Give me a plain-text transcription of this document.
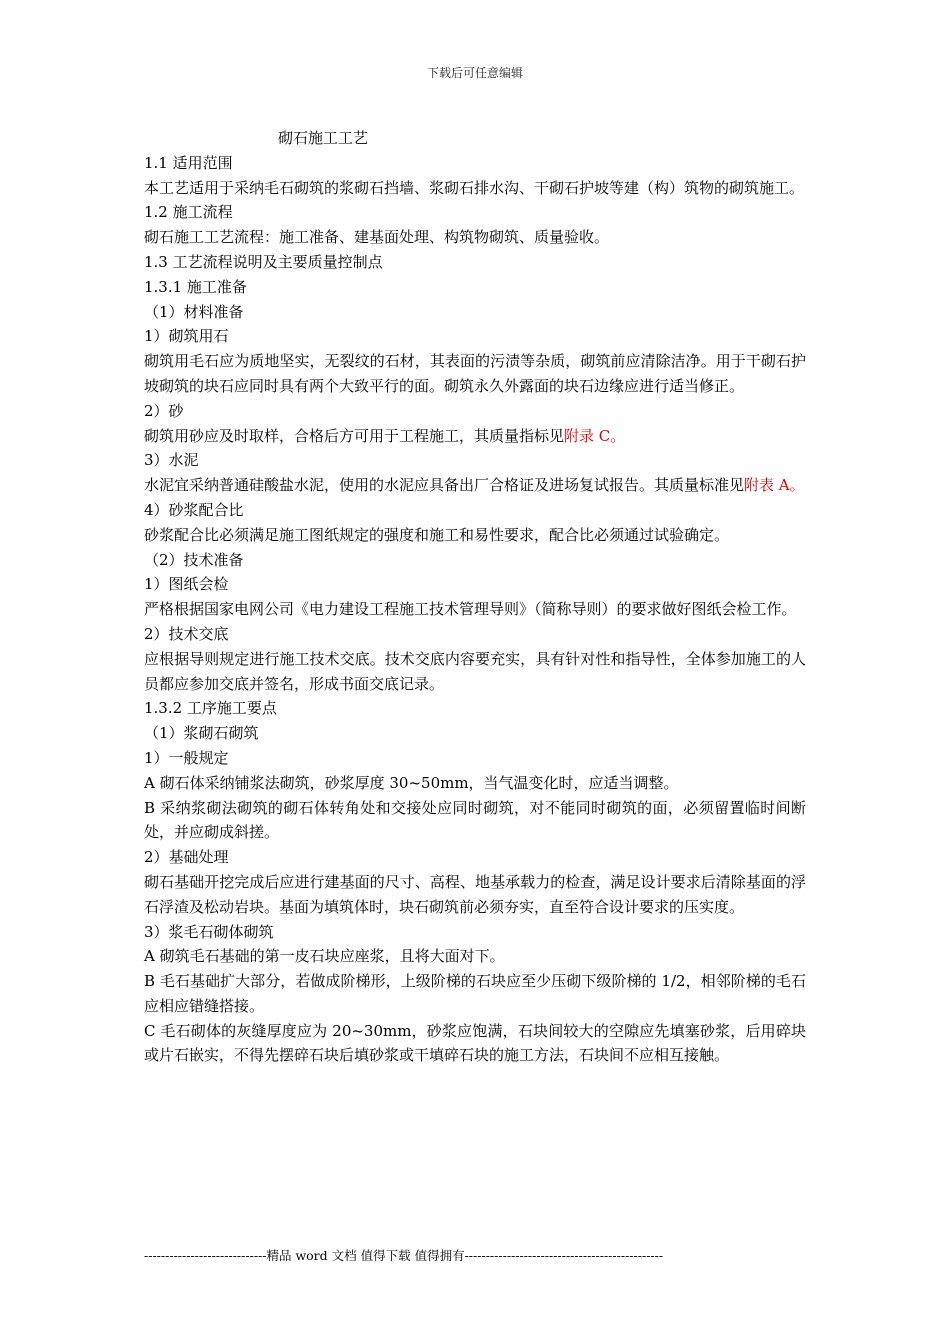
下载后可任意编辑
砌石施工工艺
1.1 适用范围
本工艺适用于采纳毛石砌筑的浆砌石挡墙、浆砌石排水沟、干砌石护坡等建（构）筑物的砌筑施工。
1.2 施工流程
砌石施工工艺流程：施工准备、建基面处理、构筑物砌筑、质量验收。
1.3 工艺流程说明及主要质量控制点
1.3.1 施工准备
（1）材料准备
1）砌筑用石
砌筑用毛石应为质地坚实，无裂纹的石材，其表面的污渍等杂质，砌筑前应清除洁净。用于干砌石护坡砌筑的块石应同时具有两个大致平行的面。砌筑永久外露面的块石边缘应进行适当修正。
2）砂
砌筑用砂应及时取样，合格后方可用于工程施工，其质量指标见附录 C。
3）水泥
水泥宜采纳普通硅酸盐水泥，使用的水泥应具备出厂合格证及进场复试报告。其质量标准见附表 A。
4）砂浆配合比
砂浆配合比必须满足施工图纸规定的强度和施工和易性要求，配合比必须通过试验确定。
（2）技术准备
1）图纸会检
严格根据国家电网公司《电力建设工程施工技术管理导则》（简称导则）的要求做好图纸会检工作。
2）技术交底
应根据导则规定进行施工技术交底。技术交底内容要充实，具有针对性和指导性，全体参加施工的人员都应参加交底并签名，形成书面交底记录。
1.3.2 工序施工要点
（1）浆砌石砌筑
1）一般规定
A 砌石体采纳铺浆法砌筑，砂浆厚度 30~50mm，当气温变化时，应适当调整。
B 采纳浆砌法砌筑的砌石体转角处和交接处应同时砌筑，对不能同时砌筑的面，必须留置临时间断处，并应砌成斜搓。
2）基础处理
砌石基础开挖完成后应进行建基面的尺寸、高程、地基承载力的检查，满足设计要求后清除基面的浮石浮渣及松动岩块。基面为填筑体时，块石砌筑前必须夯实，直至符合设计要求的压实度。
3）浆毛石砌体砌筑
A 砌筑毛石基础的第一皮石块应座浆，且将大面对下。
B 毛石基础扩大部分，若做成阶梯形，上级阶梯的石块应至少压砌下级阶梯的 1/2，相邻阶梯的毛石应相应错缝搭接。
C 毛石砌体的灰缝厚度应为 20~30mm，砂浆应饱满，石块间较大的空隙应先填塞砂浆，后用碎块或片石嵌实，不得先摆碎石块后填砂浆或干填碎石块的施工方法，石块间不应相互接触。
-----------------------------精品 word 文档 值得下载 值得拥有-----------------------------------------------
